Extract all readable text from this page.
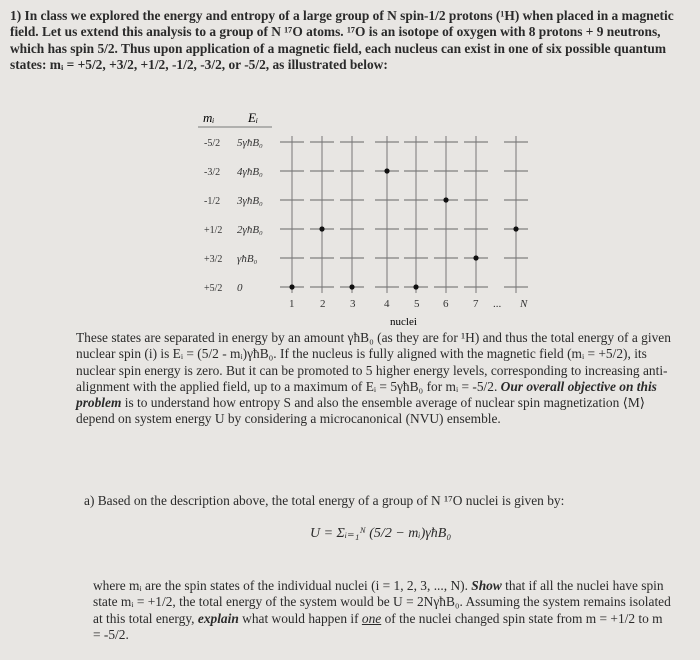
1) In class we explored the energy and entropy of a large group of N spin-1/2 protons (¹H) when placed in a magnetic field. Let us extend this analysis to a group of N ¹⁷O atoms. ¹⁷O is an isotope of oxygen with 8 protons + 9 neutrons, which has spin 5/2. Thus upon application of a magnetic field, each nucleus can exist in one of six possible quantum states: mᵢ = +5/2, +3/2, +1/2, -1/2, -3/2, or -5/2, as illustrated below:
mᵢ	Eᵢ
-5/2
-3/2
-1/2
+1/2
+3/2
+5/2
5γħB₀
4γħB₀
3γħB₀
2γħB₀
γħB₀
0
1 2 3	4 5 6 7 ... N
nuclei
These states are separated in energy by an amount γħB₀ (as they are for ¹H) and thus the total energy of a given nuclear spin (i) is Eᵢ = (5/2 - mᵢ)γħB₀. If the nucleus is fully aligned with the magnetic field (mᵢ = +5/2), its nuclear spin energy is zero. But it can be promoted to 5 higher energy levels, corresponding to increasing anti-alignment with the applied field, up to a maximum of Eᵢ = 5γħB₀ for mᵢ = -5/2. Our overall objective on this problem is to understand how entropy S and also the ensemble average of nuclear spin magnetization ⟨M⟩ depend on system energy U by considering a microcanonical (NVU) ensemble.
a) Based on the description above, the total energy of a group of N ¹⁷O nuclei is given by:
U = Σᵢ₌₁ᴺ (5/2 − mᵢ)γħB₀
where mᵢ are the spin states of the individual nuclei (i = 1, 2, 3, ..., N). Show that if all the nuclei have spin state mᵢ = +1/2, the total energy of the system would be U = 2NγħB₀. Assuming the system remains isolated at this total energy, explain what would happen if one of the nuclei changed spin state from m = +1/2 to m = -5/2.
